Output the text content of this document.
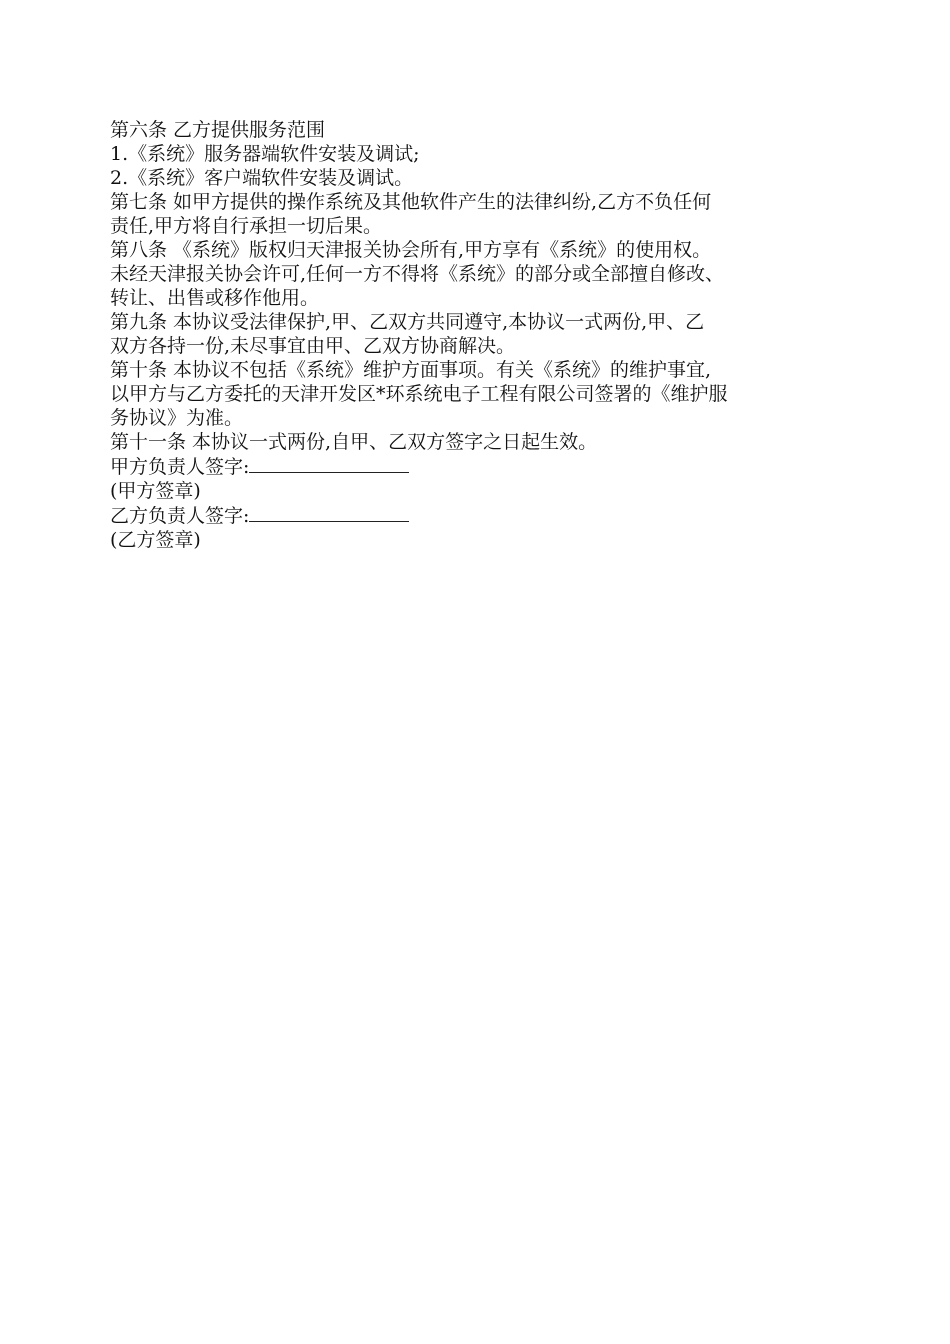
第六条 乙方提供服务范围
1.《系统》服务器端软件安装及调试;
2.《系统》客户端软件安装及调试。
第七条 如甲方提供的操作系统及其他软件产生的法律纠纷,乙方不负任何
责任,甲方将自行承担一切后果。
第八条 《系统》版权归天津报关协会所有,甲方享有《系统》的使用权。
未经天津报关协会许可,任何一方不得将《系统》的部分或全部擅自修改、
转让、出售或移作他用。
第九条 本协议受法律保护,甲、乙双方共同遵守,本协议一式两份,甲、乙
双方各持一份,未尽事宜由甲、乙双方协商解决。
第十条 本协议不包括《系统》维护方面事项。有关《系统》的维护事宜,
以甲方与乙方委托的天津开发区*环系统电子工程有限公司签署的《维护服
务协议》为准。
第十一条 本协议一式两份,自甲、乙双方签字之日起生效。
甲方负责人签字:
(甲方签章)
乙方负责人签字:
(乙方签章)
